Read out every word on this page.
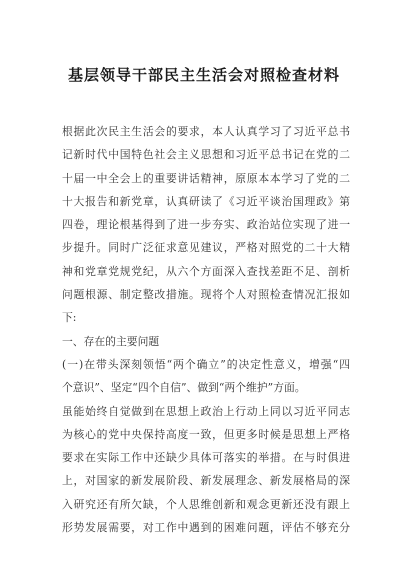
基层领导干部民主生活会对照检查材料
根据此次民主生活会的要求，本人认真学习了习近平总书
记新时代中国特色社会主义思想和习近平总书记在党的二
十届一中全会上的重要讲话精神，原原本本学习了党的二
十大报告和新党章，认真研读了《习近平谈治国理政》第
四卷，理论根基得到了进一步夯实、政治站位实现了进一
步提升。同时广泛征求意见建议，严格对照党的二十大精
神和党章党规党纪，从六个方面深入查找差距不足、剖析
问题根源、制定整改措施。现将个人对照检查情况汇报如
下:
一、存在的主要问题
(一)在带头深刻领悟“两个确立”的决定性意义，增强“四
个意识”、坚定“四个自信”、做到“两个维护”方面。
虽能始终自觉做到在思想上政治上行动上同以习近平同志
为核心的党中央保持高度一致，但更多时候是思想上严格
要求在实际工作中还缺少具体可落实的举措。在与时俱进
上，对国家的新发展阶段、新发展理念、新发展格局的深
入研究还有所欠缺，个人思维创新和观念更新还没有跟上
形势发展需要，对工作中遇到的困难问题，评估不够充分
